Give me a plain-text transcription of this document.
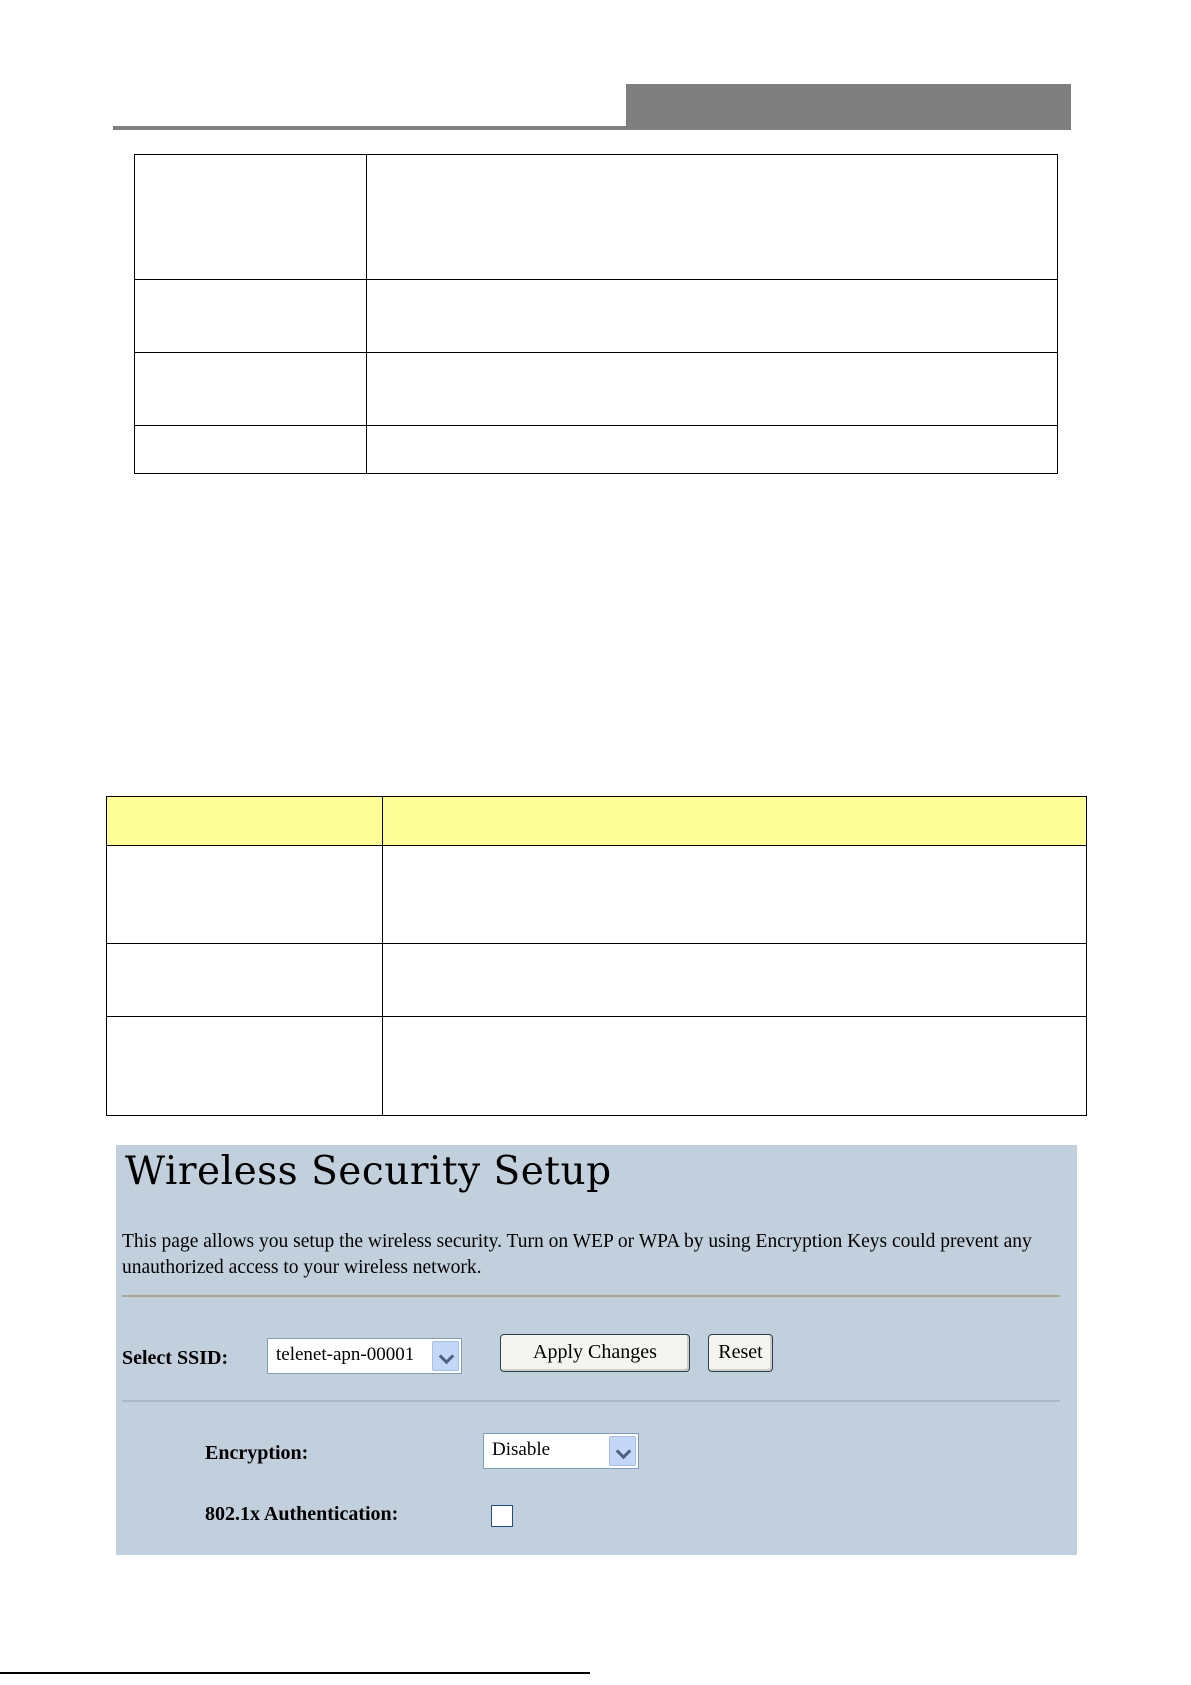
Wireless Security Setup
This page allows you setup the wireless security. Turn on WEP or WPA by using Encryption Keys could prevent any unauthorized access to your wireless network.
Select SSID:	telenet-apn-00001	Apply Changes	Reset
Encryption:	Disable
802.1x Authentication:
